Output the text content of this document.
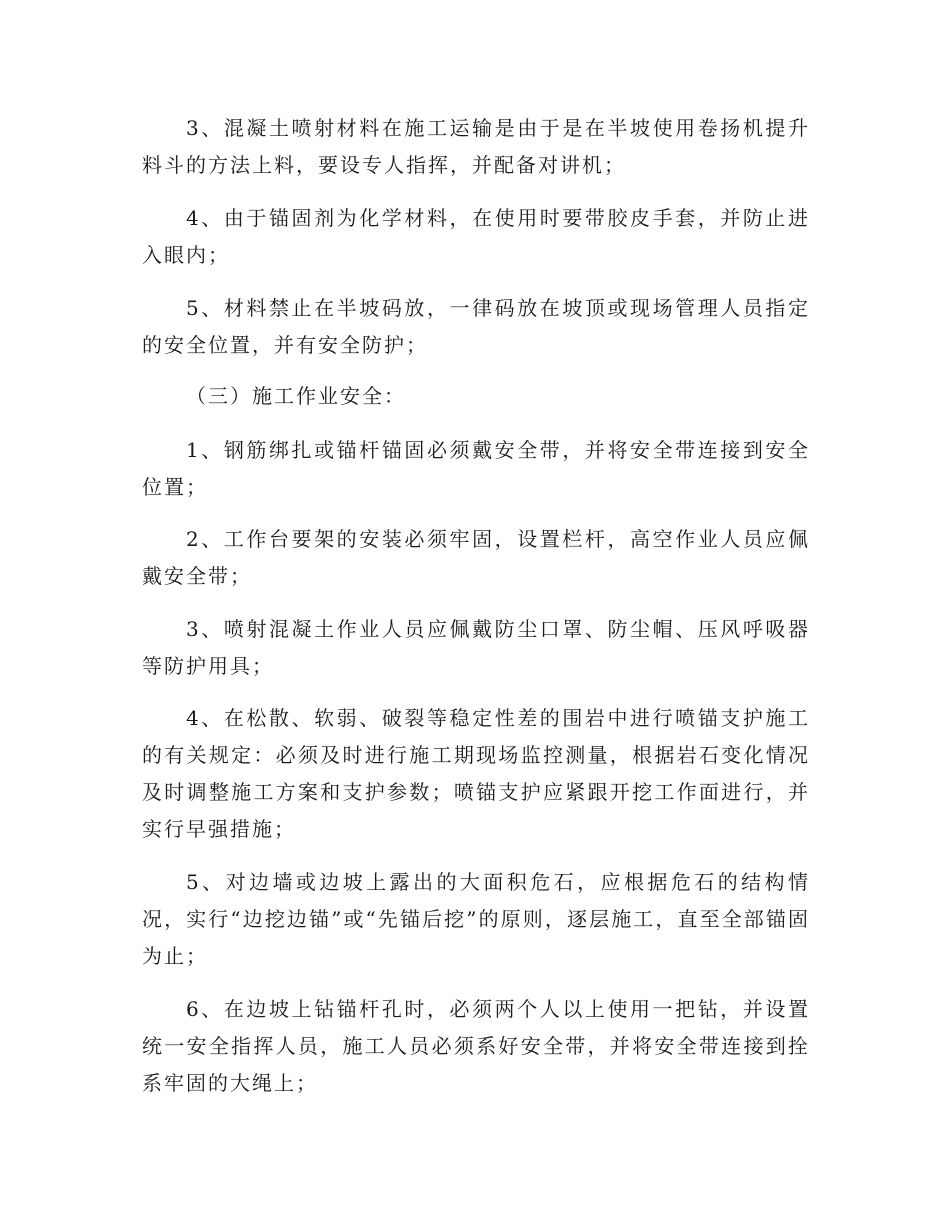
3、混凝土喷射材料在施工运输是由于是在半坡使用卷扬机提升料斗的方法上料，要设专人指挥，并配备对讲机；

4、由于锚固剂为化学材料，在使用时要带胶皮手套，并防止进入眼内；

5、材料禁止在半坡码放，一律码放在坡顶或现场管理人员指定的安全位置，并有安全防护；

（三）施工作业安全：

1、钢筋绑扎或锚杆锚固必须戴安全带，并将安全带连接到安全位置；

2、工作台要架的安装必须牢固，设置栏杆，高空作业人员应佩戴安全带；

3、喷射混凝土作业人员应佩戴防尘口罩、防尘帽、压风呼吸器等防护用具；

4、在松散、软弱、破裂等稳定性差的围岩中进行喷锚支护施工的有关规定：必须及时进行施工期现场监控测量，根据岩石变化情况及时调整施工方案和支护参数；喷锚支护应紧跟开挖工作面进行，并实行早强措施；

5、对边墙或边坡上露出的大面积危石，应根据危石的结构情况，实行“边挖边锚”或“先锚后挖”的原则，逐层施工，直至全部锚固为止；

6、在边坡上钻锚杆孔时，必须两个人以上使用一把钻，并设置统一安全指挥人员，施工人员必须系好安全带，并将安全带连接到拴系牢固的大绳上；
